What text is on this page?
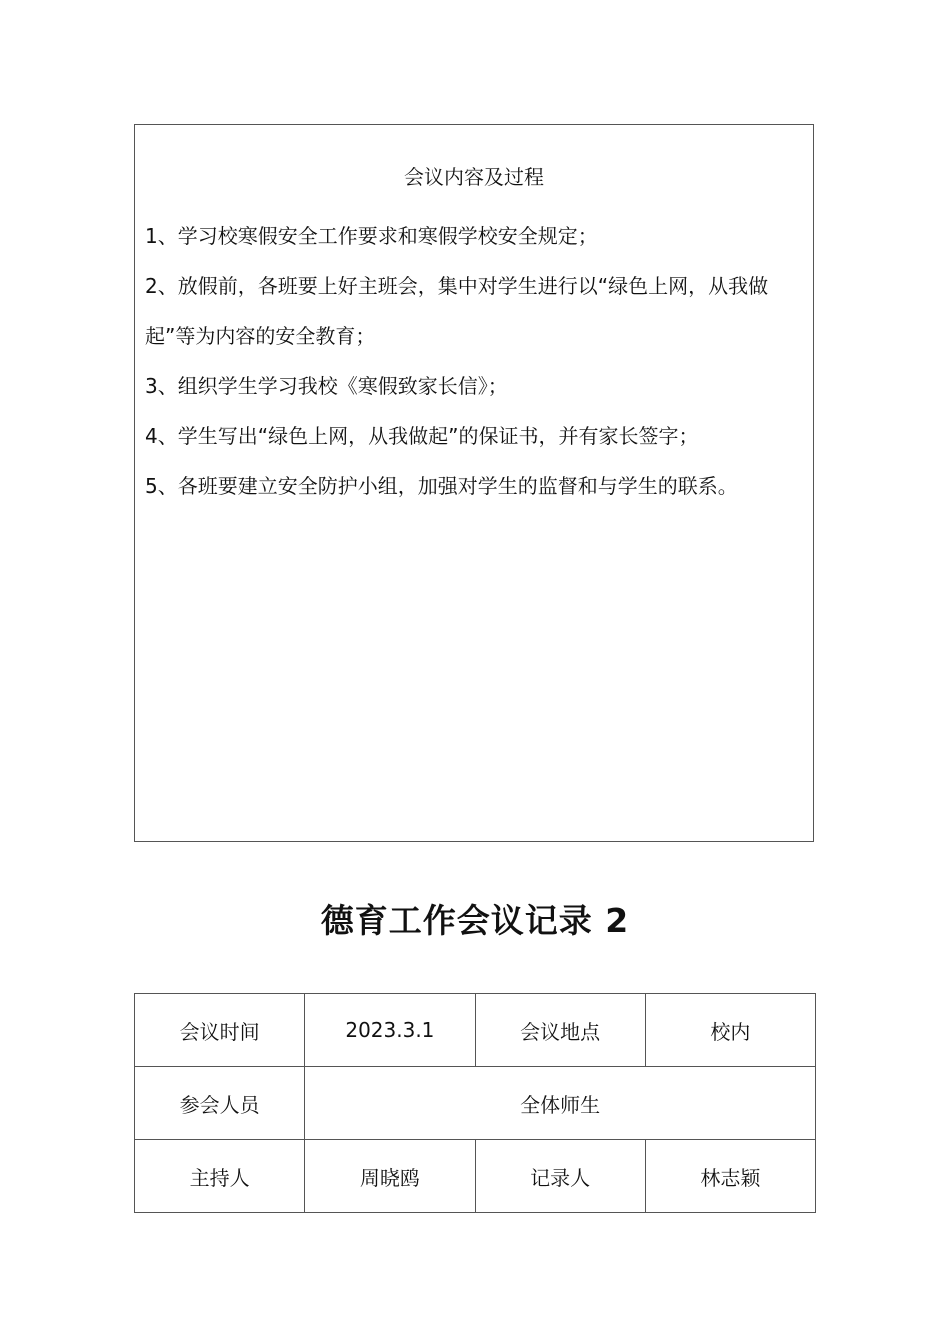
会议内容及过程

1、学习校寒假安全工作要求和寒假学校安全规定；

2、放假前，各班要上好主班会，集中对学生进行以“绿色上网，从我做起”等为内容的安全教育；

3、组织学生学习我校《寒假致家长信》；

4、学生写出“绿色上网，从我做起”的保证书，并有家长签字；

5、各班要建立安全防护小组，加强对学生的监督和与学生的联系。

德育工作会议记录 2
会议时间	2023.3.1	会议地点	校内
参会人员	全体师生		
主持人	周晓鸥	记录人	林志颖
